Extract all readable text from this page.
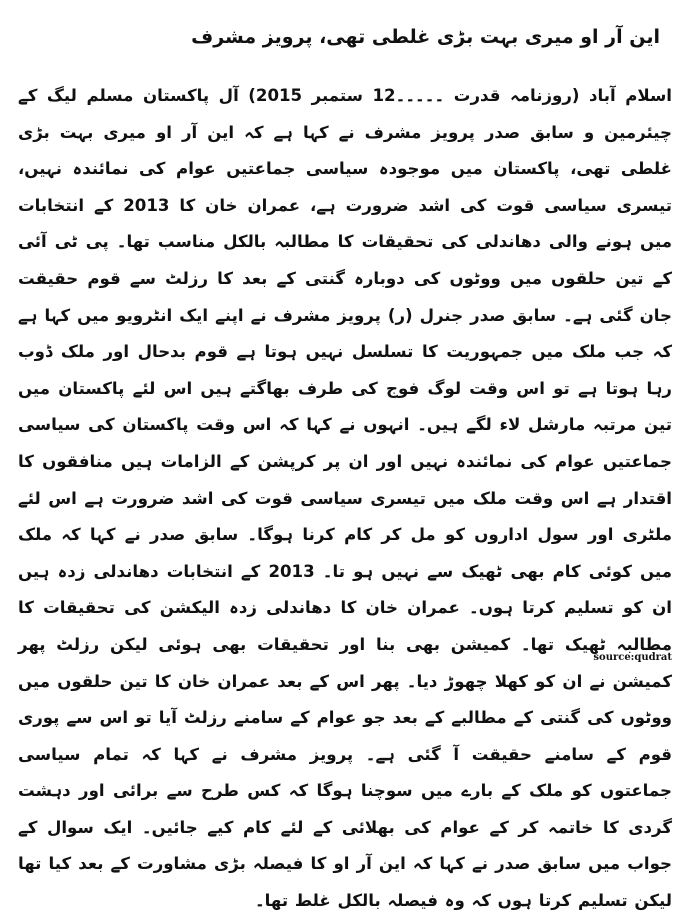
این آر او میری بہت بڑی غلطی تھی، پرویز مشرف

اسلام آباد (روزنامہ قدرت ۔۔۔۔۔12 ستمبر 2015) آل پاکستان مسلم لیگ کے چیئرمین و سابق صدر پرویز مشرف نے کہا ہے کہ این آر او میری بہت بڑی غلطی تھی، پاکستان میں موجودہ سیاسی جماعتیں عوام کی نمائندہ نہیں، تیسری سیاسی قوت کی اشد ضرورت ہے، عمران خان کا 2013 کے انتخابات میں ہونے والی دھاندلی کی تحقیقات کا مطالبہ بالکل مناسب تھا۔ پی ٹی آئی کے تین حلقوں میں ووٹوں کی دوبارہ گنتی کے بعد کا رزلٹ سے قوم حقیقت جان گئی ہے۔ سابق صدر جنرل (ر) پرویز مشرف نے اپنے ایک انٹرویو میں کہا ہے کہ جب ملک میں جمہوریت کا تسلسل نہیں ہوتا ہے قوم بدحال اور ملک ڈوب رہا ہوتا ہے تو اس وقت لوگ فوج کی طرف بھاگتے ہیں اس لئے پاکستان میں تین مرتبہ مارشل لاء لگے ہیں۔ انہوں نے کہا کہ اس وقت پاکستان کی سیاسی جماعتیں عوام کی نمائندہ نہیں اور ان پر کرپشن کے الزامات ہیں منافقوں کا اقتدار ہے اس وقت ملک میں تیسری سیاسی قوت کی اشد ضرورت ہے اس لئے ملٹری اور سول اداروں کو مل کر کام کرنا ہوگا۔ سابق صدر نے کہا کہ ملک میں کوئی کام بھی ٹھیک سے نہیں ہو تا۔ 2013 کے انتخابات دھاندلی زدہ ہیں ان کو تسلیم کرتا ہوں۔ عمران خان کا دھاندلی زدہ الیکشن کی تحقیقات کا مطالبہ ٹھیک تھا۔ کمیشن بھی بنا اور تحقیقات بھی ہوئی لیکن رزلٹ پھر کمیشن نے ان کو کھلا چھوڑ دیا۔ پھر اس کے بعد عمران خان کا تین حلقوں میں ووٹوں کی گنتی کے مطالبے کے بعد جو عوام کے سامنے رزلٹ آیا تو اس سے پوری قوم کے سامنے حقیقت آ گئی ہے۔ پرویز مشرف نے کہا کہ تمام سیاسی جماعتوں کو ملک کے بارے میں سوچنا ہوگا کہ کس طرح سے برائی اور دہشت گردی کا خاتمہ کر کے عوام کی بھلائی کے لئے کام کیے جائیں۔ ایک سوال کے جواب میں سابق صدر نے کہا کہ این آر او کا فیصلہ بڑی مشاورت کے بعد کیا تھا لیکن تسلیم کرتا ہوں کہ وہ فیصلہ بالکل غلط تھا۔

source:qudrat
